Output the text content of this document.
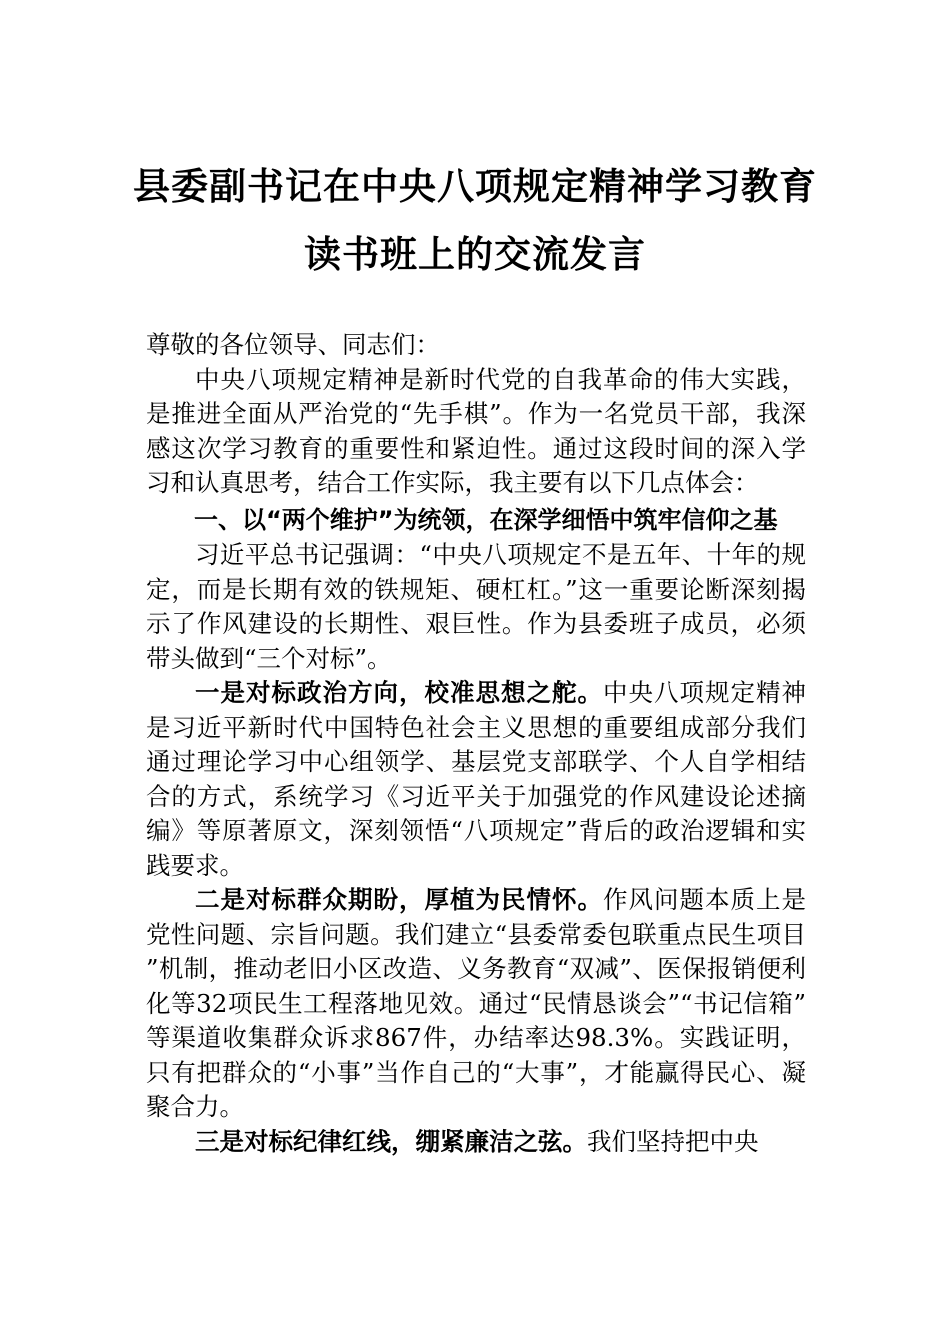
县委副书记在中央八项规定精神学习教育
读书班上的交流发言

尊敬的各位领导、同志们：

中央八项规定精神是新时代党的自我革命的伟大实践，是推进全面从严治党的“先手棋”。作为一名党员干部，我深感这次学习教育的重要性和紧迫性。通过这段时间的深入学习和认真思考，结合工作实际，我主要有以下几点体会：

一、以“两个维护”为统领，在深学细悟中筑牢信仰之基

习近平总书记强调：“中央八项规定不是五年、十年的规定，而是长期有效的铁规矩、硬杠杠。”这一重要论断深刻揭示了作风建设的长期性、艰巨性。作为县委班子成员，必须带头做到“三个对标”。

一是对标政治方向，校准思想之舵。中央八项规定精神是习近平新时代中国特色社会主义思想的重要组成部分我们通过理论学习中心组领学、基层党支部联学、个人自学相结合的方式，系统学习《习近平关于加强党的作风建设论述摘编》等原著原文，深刻领悟“八项规定”背后的政治逻辑和实践要求。

二是对标群众期盼，厚植为民情怀。作风问题本质上是党性问题、宗旨问题。我们建立“县委常委包联重点民生项目”机制，推动老旧小区改造、义务教育“双减”、医保报销便利化等32项民生工程落地见效。通过“民情恳谈会”“书记信箱”等渠道收集群众诉求867件，办结率达98.3%。实践证明，只有把群众的“小事”当作自己的“大事”，才能赢得民心、凝聚合力。

三是对标纪律红线，绷紧廉洁之弦。我们坚持把中央
